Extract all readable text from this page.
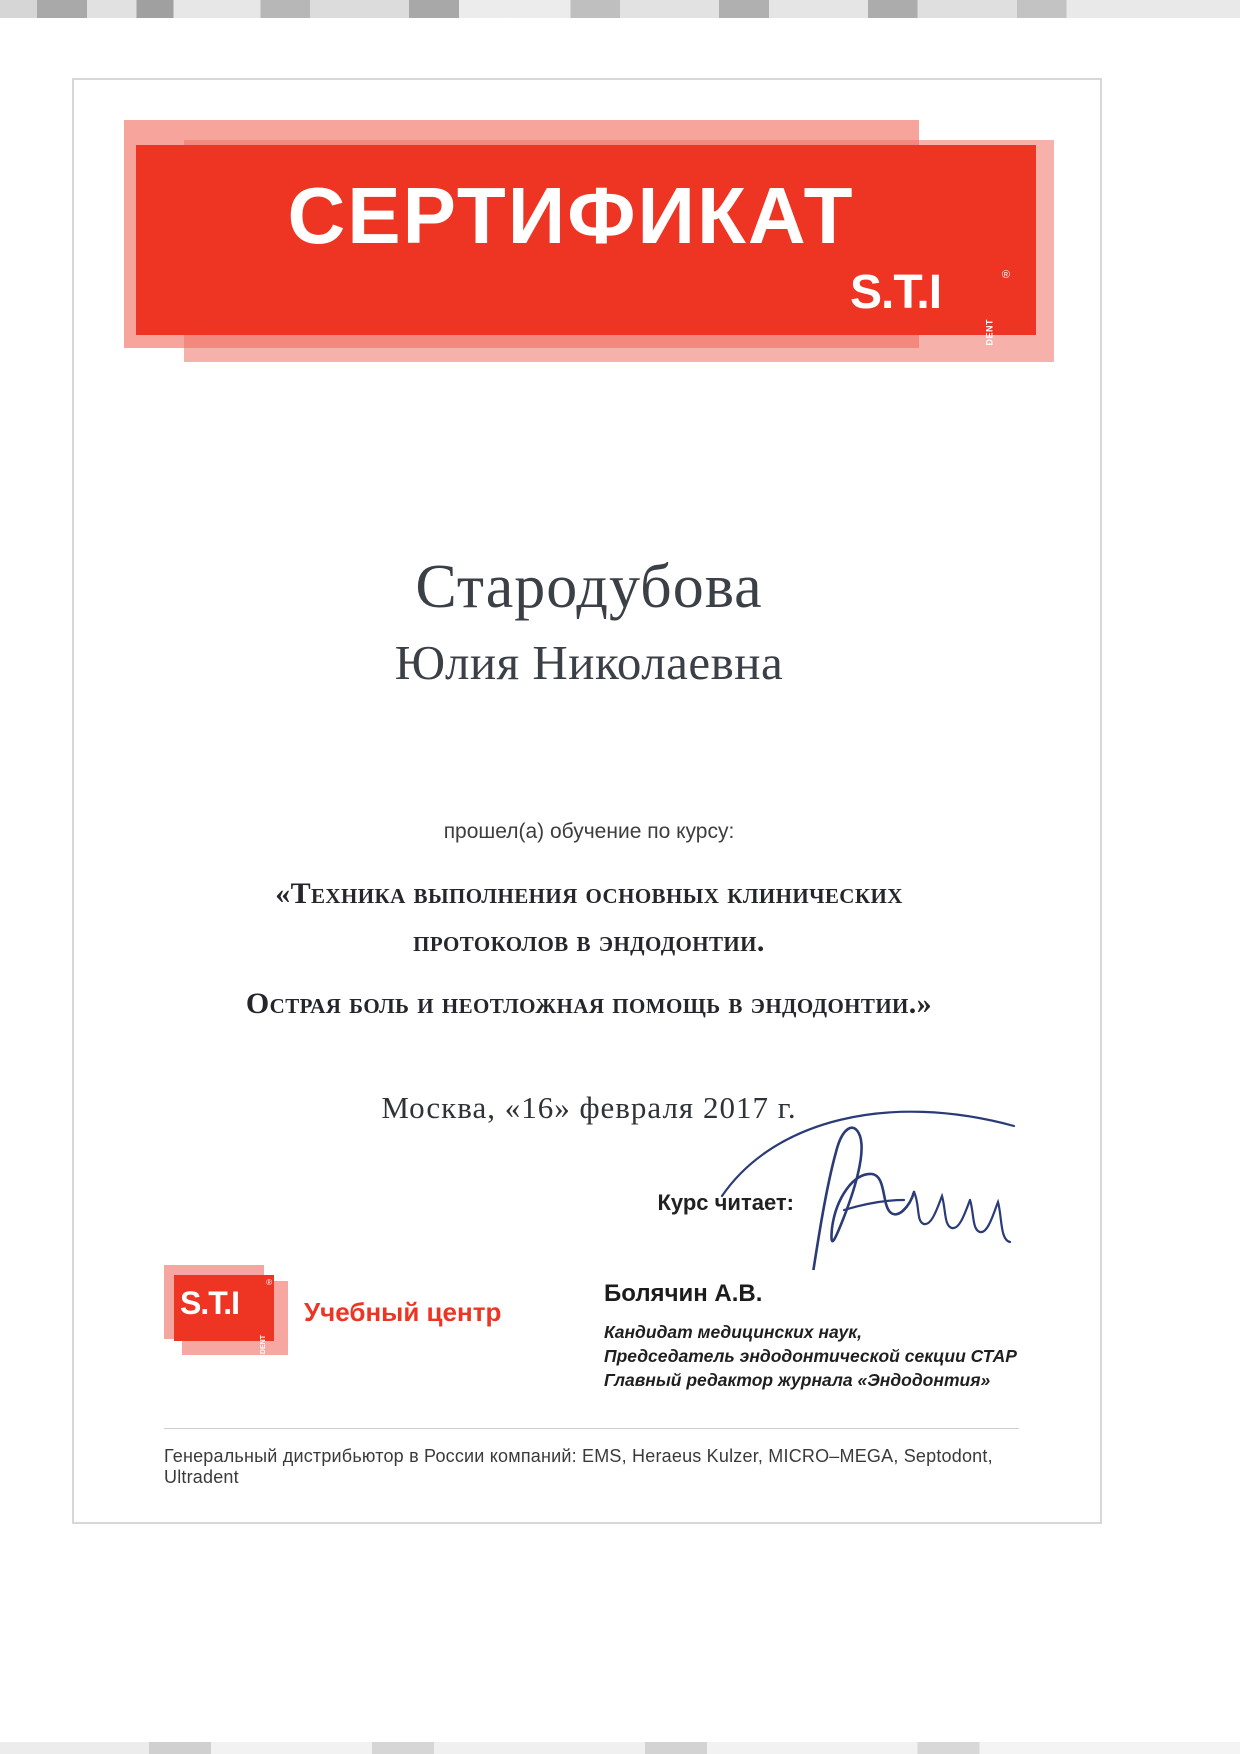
СЕРТИФИКАТ
S.T.I
DENT
®
Стародубова
Юлия Николаевна
прошел(а) обучение по курсу:
«Техника выполнения основных клинических
протоколов в эндодонтии.
Острая боль и неотложная помощь в эндодонтии.»
Москва, «16» февраля 2017 г.
Курс читает:
Болячин А.В.
Кандидат медицинских наук,
Председатель эндодонтической секции СТАР
Главный редактор журнала «Эндодонтия»
S.T.I
DENT
®
Учебный центр
Генеральный дистрибьютор в России компаний: EMS, Heraeus Kulzer, MICRO–MEGA, Septodont, Ultradent
